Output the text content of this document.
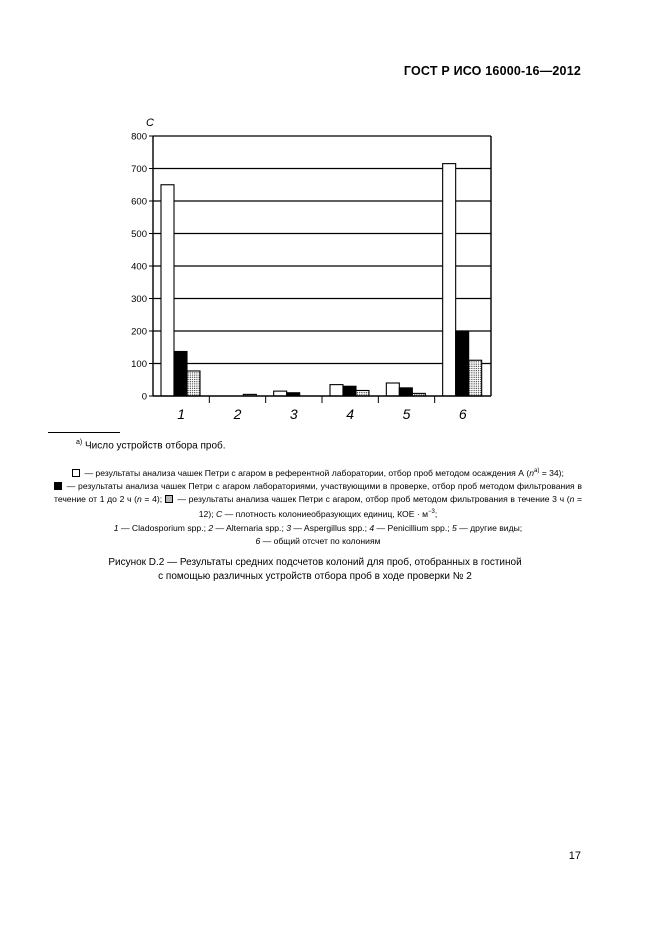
ГОСТ Р ИСО 16000-16—2012
C
0
100
200
300
400
500
600
700
800
1	2	3	4	5	6
$^{а)}$ Число устройств отбора проб.

— результаты анализа чашек Петри с агаром в референтной лаборатории, отбор проб методом осаждения А $(n^{а)} = 34)$;

— результаты анализа чашек Петри с агаром лабораториями, участвующими в проверке, отбор проб методом фильтрования в течение от 1 до 2 ч (n = 4); — результаты анализа чашек Петри с агаром, отбор проб методом фильтрования в течение 3 ч (n = 12); C — плотность колониеобразующих единиц, КОЕ · $м^{-3}$;

1 — Cladosporium spp.; 2 — Alternaria spp.; 3 — Aspergillus spp.; 4 — Penicillium spp.; 5 — другие виды;

6 — общий отсчет по колониям

Рисунок D.2 — Результаты средних подсчетов колоний для проб, отобранных в гостиной
с помощью различных устройств отбора проб в ходе проверки № 2
17
